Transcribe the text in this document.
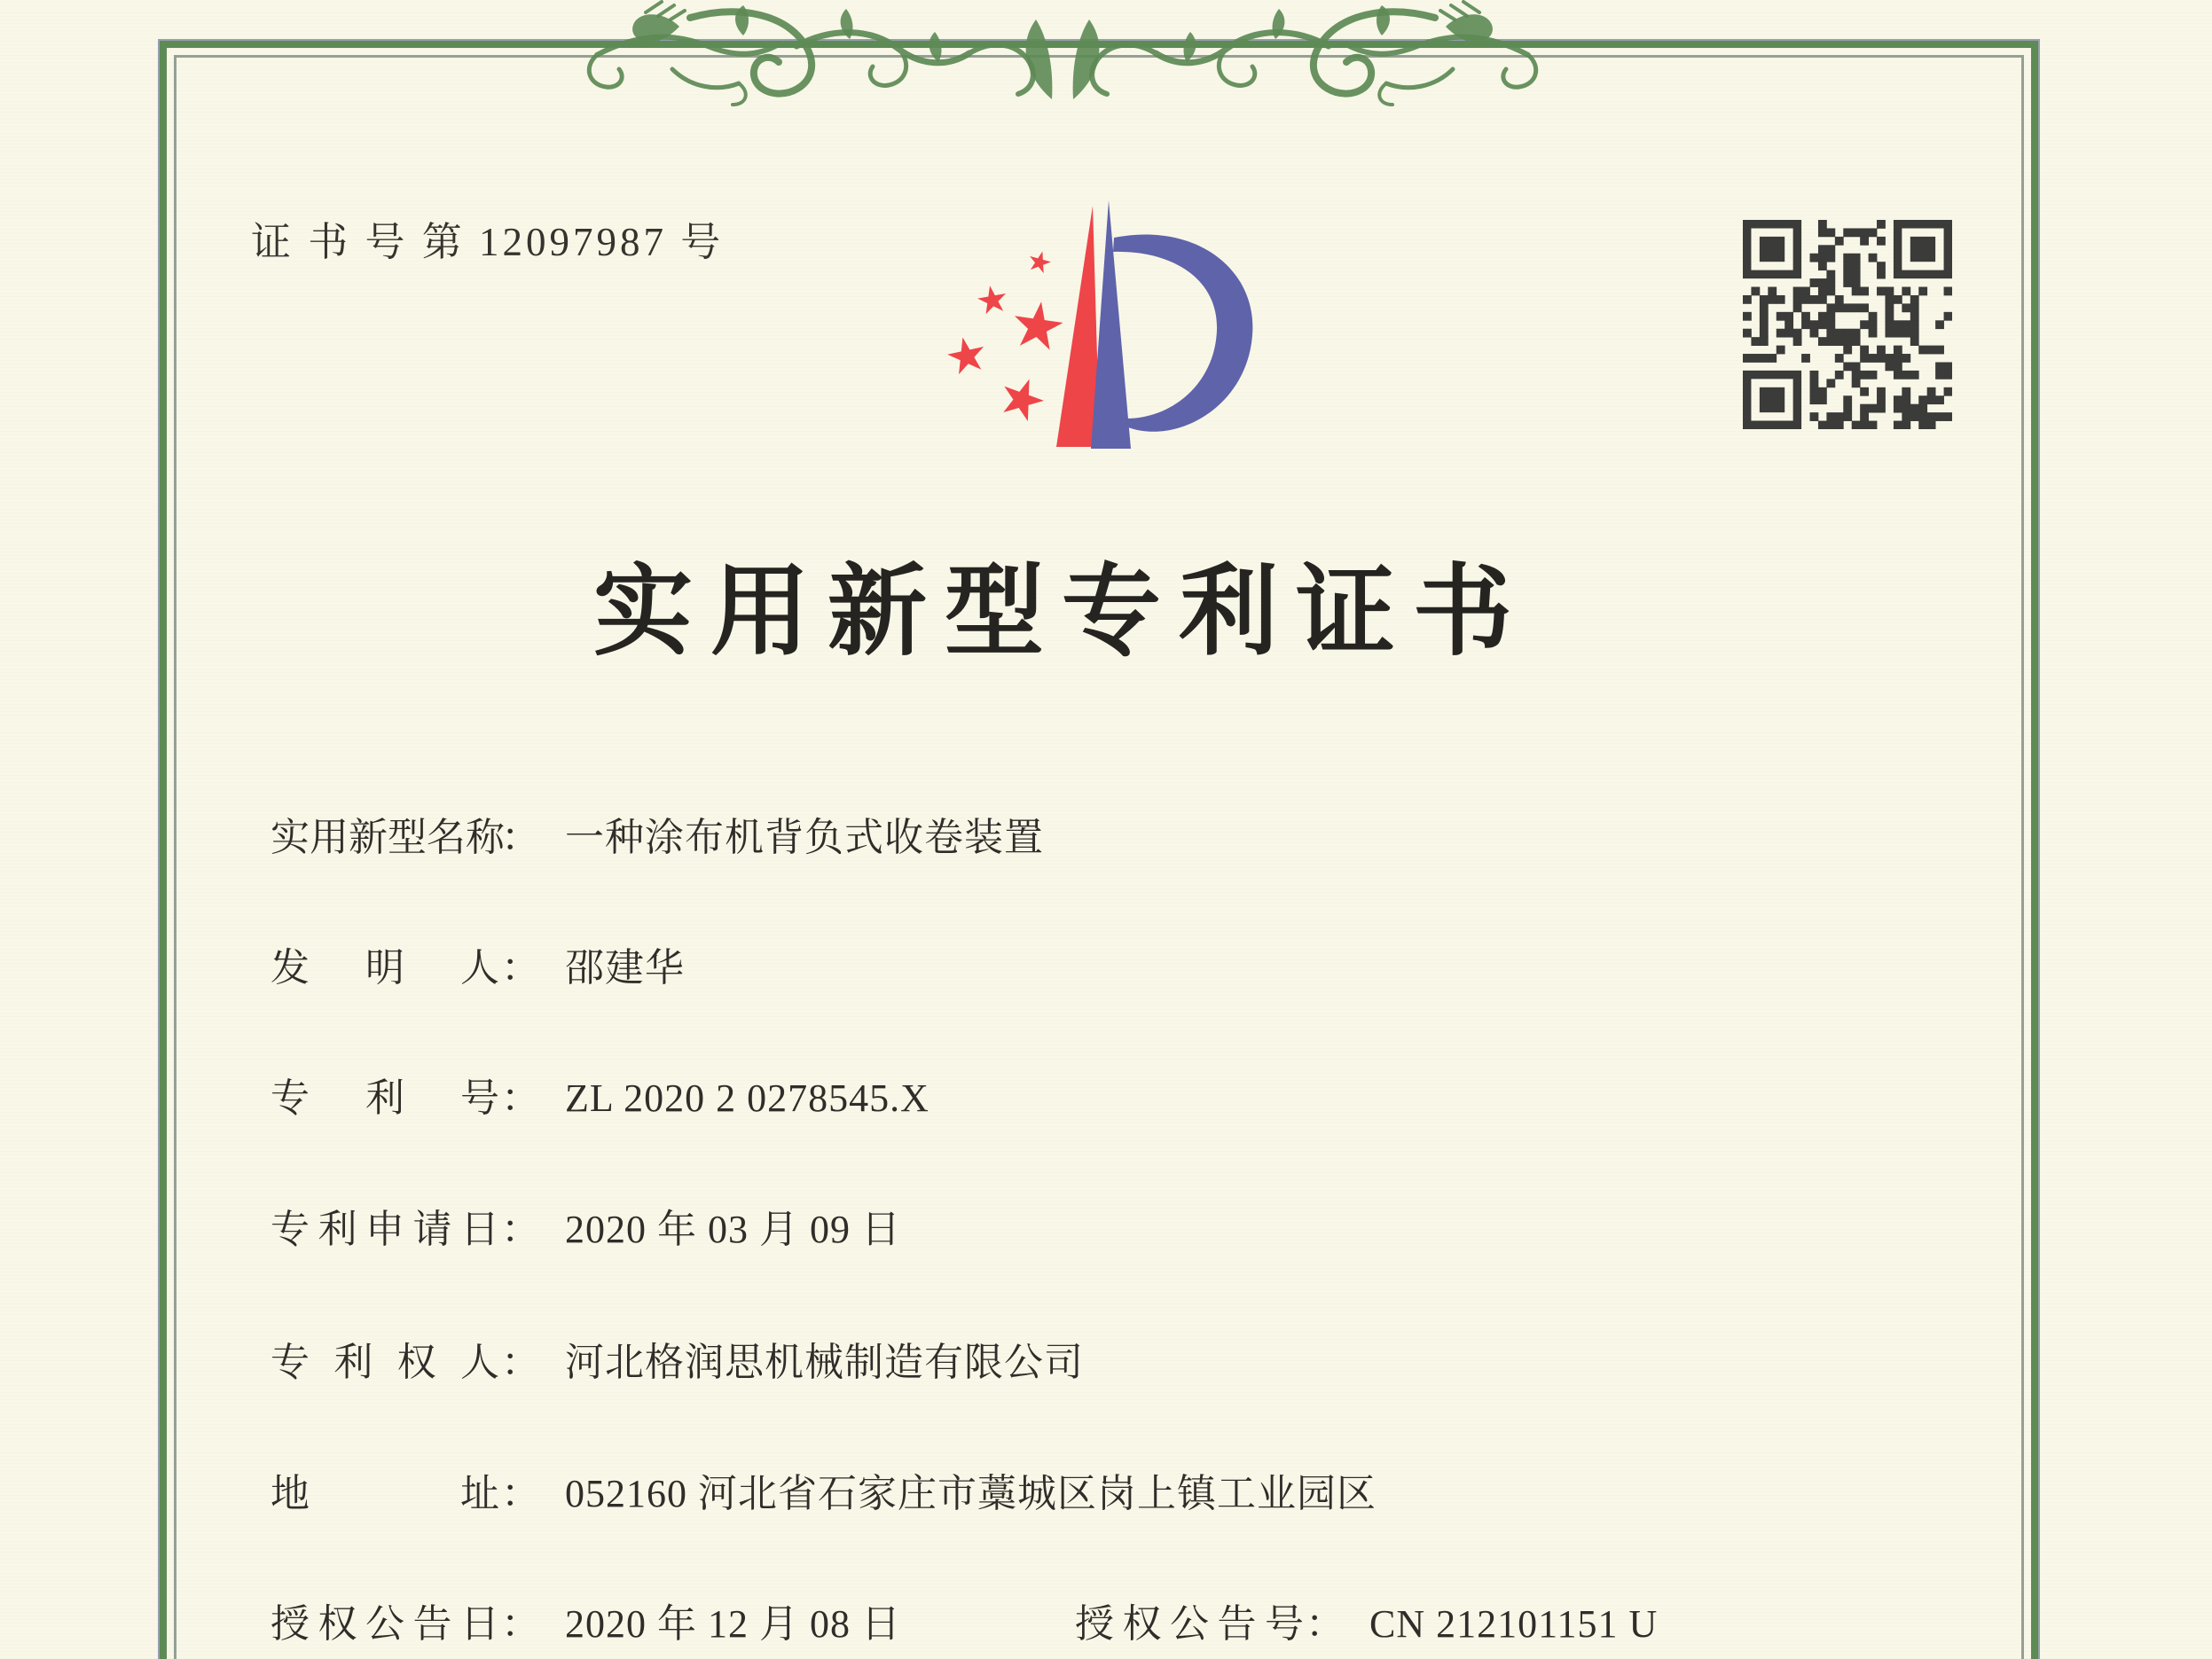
证 书 号 第 12097987 号
实用新型专利证书
实 用 新 型 名 称
： 一种涂布机背负式收卷装置
发 明 人 ： 邵建华
专 利 号 ： ZL 2020 2 0278545.X
专 利 申 请 日 ： 2020 年 03 月 09 日
专 利 权 人 ： 河北格润思机械制造有限公司
地	址 ： 052160 河北省石家庄市藁城区岗上镇工业园区
授 权 公 告 日 ： 2020 年 12 月 08 日	授 权 公 告 号 ： CN 212101151 U
